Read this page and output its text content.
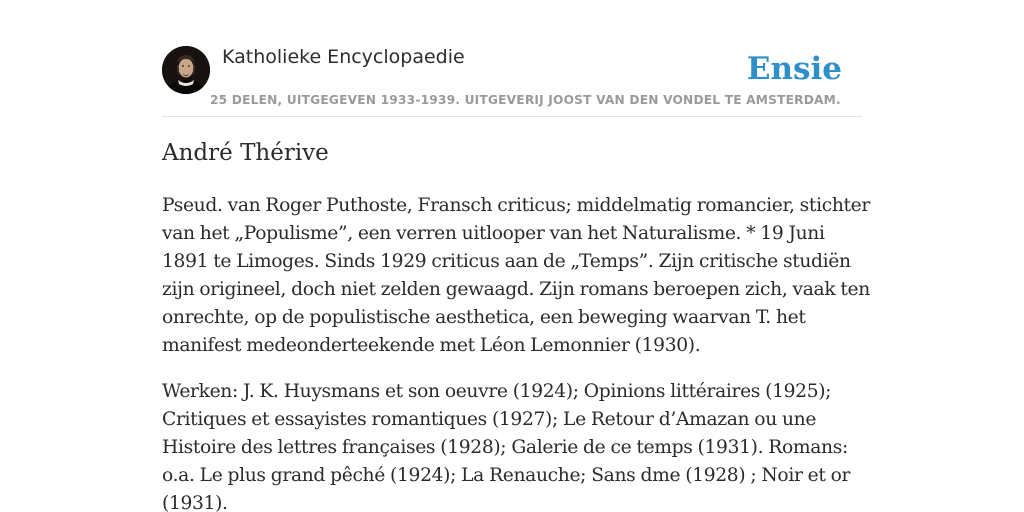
Katholieke Encyclopaedie	Ensie
25 DELEN, UITGEGEVEN 1933-1939. UITGEVERIJ JOOST VAN DEN VONDEL TE AMSTERDAM.
André Thérive

Pseud. van Roger Puthoste, Fransch criticus; middelmatig romancier, stichter van het „Populisme”, een verren uitlooper van het Naturalisme. * 19 Juni 1891 te Limoges. Sinds 1929 criticus aan de „Temps”. Zijn critische studiën zijn origineel, doch niet zelden gewaagd. Zijn romans beroepen zich, vaak ten onrechte, op de populistische aesthetica, een beweging waarvan T. het manifest medeonderteekende met Léon Lemonnier (1930).

Werken: J. K. Huysmans et son oeuvre (1924); Opinions littéraires (1925); Critiques et essayistes romantiques (1927); Le Retour d’Amazan ou une Histoire des lettres françaises (1928); Galerie de ce temps (1931). Romans: o.a. Le plus grand pêché (1924); La Renauche; Sans dme (1928) ; Noir et or (1931).
